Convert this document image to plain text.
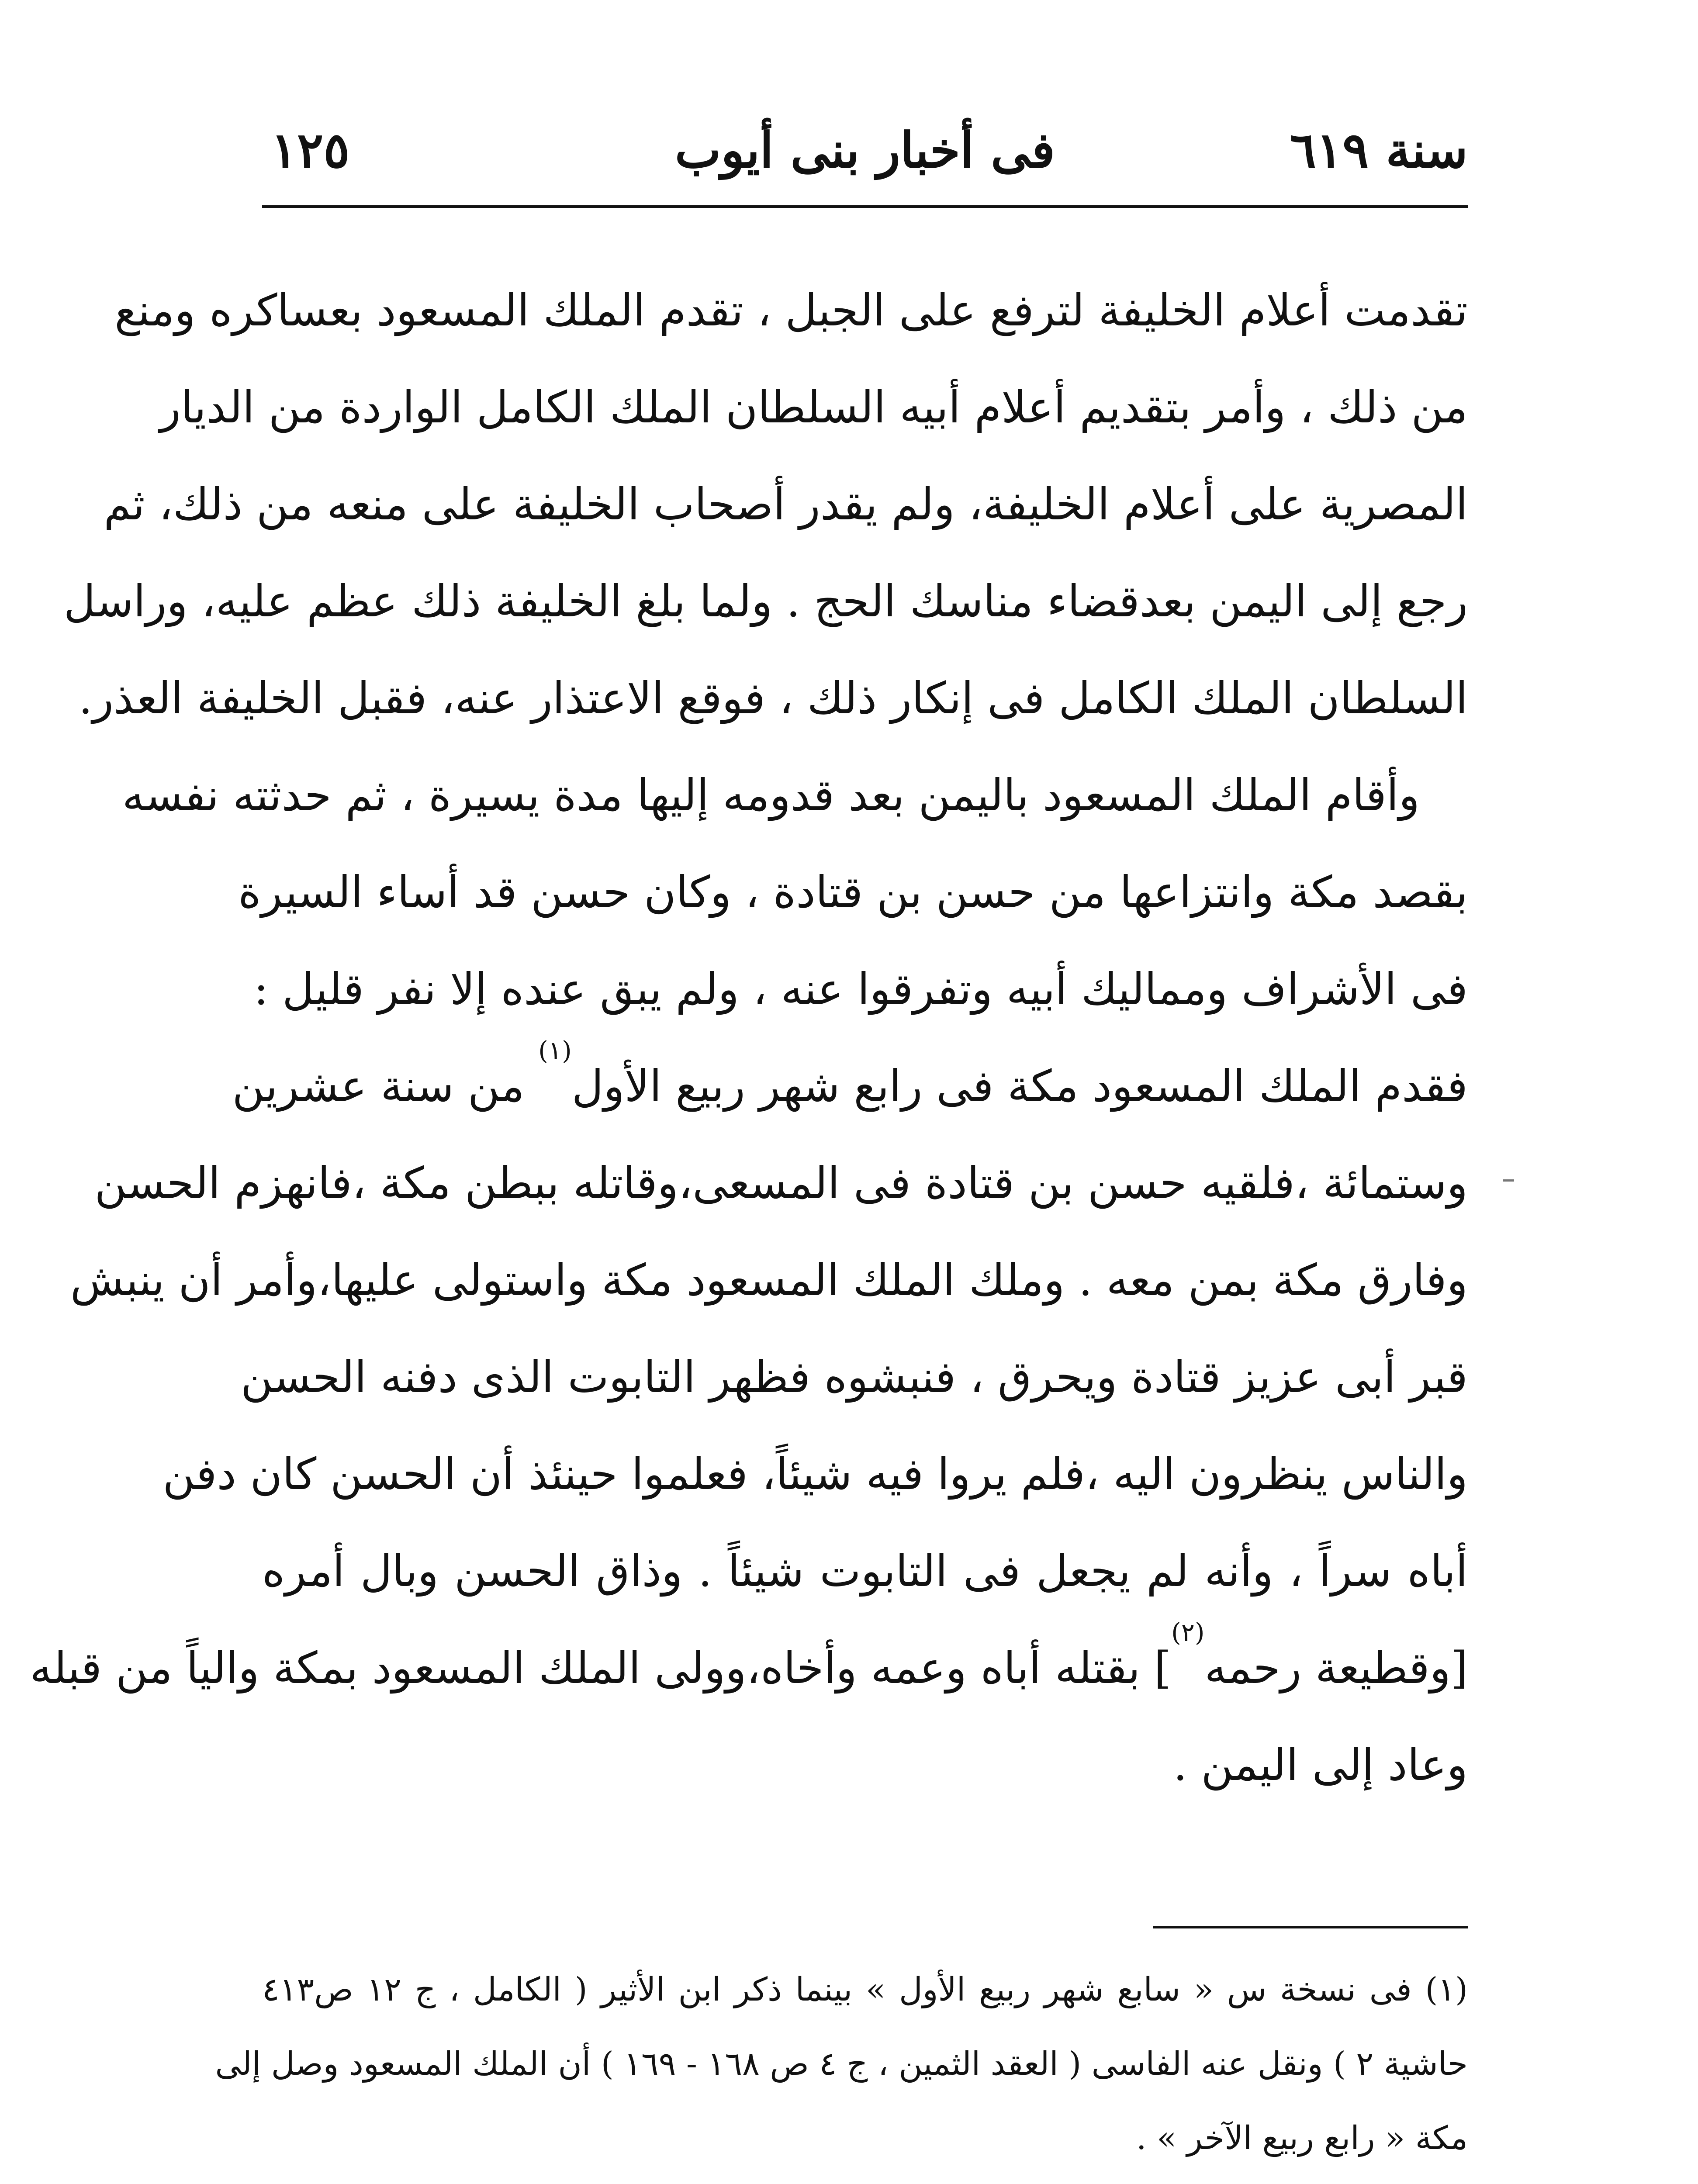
سنة ٦١٩
فى أخبار بنى أيوب
١٢٥
تقدمت أعلام الخليفة لترفع على الجبل ، تقدم الملك المسعود بعساكره ومنع
من ذلك ، وأمر بتقديم أعلام أبيه السلطان الملك الكامل الواردة من الديار
المصرية على أعلام الخليفة، ولم يقدر أصحاب الخليفة على منعه من ذلك، ثم
رجع إلى اليمن بعدقضاء مناسك الحج . ولما بلغ الخليفة ذلك عظم عليه، وراسل
السلطان الملك الكامل فى إنكار ذلك ، فوقع الاعتذار عنه، فقبل الخليفة العذر.
وأقام الملك المسعود باليمن بعد قدومه إليها مدة يسيرة ، ثم حدثته نفسه
بقصد مكة وانتزاعها من حسن بن قتادة ، وكان حسن قد أساء السيرة
فى الأشراف ومماليك أبيه وتفرقوا عنه ، ولم يبق عنده إلا نفر قليل :
فقدم الملك المسعود مكة فى رابع شهر ربيع الأول$^{(١)}$ من سنة عشرين
وستمائة ،فلقيه حسن بن قتادة فى المسعى،وقاتله ببطن مكة ،فانهزم الحسن
وفارق مكة بمن معه . وملك الملك المسعود مكة واستولى عليها،وأمر أن ينبش
قبر أبى عزيز قتادة ويحرق ، فنبشوه فظهر التابوت الذى دفنه الحسن
والناس ينظرون اليه ،فلم يروا فيه شيئاً، فعلموا حينئذ أن الحسن كان دفن
أباه سراً ، وأنه لم يجعل فى التابوت شيئاً . وذاق الحسن وبال أمره
[وقطيعة رحمه$^{(٢)}$] بقتله أباه وعمه وأخاه،وولى الملك المسعود بمكة والياً من قبله
وعاد إلى اليمن .
(١) فى نسخة س « سابع شهر ربيع الأول » بينما ذكر ابن الأثير ( الكامل ، ج ١٢ ص٤١٣
حاشية ٢ ) ونقل عنه الفاسى ( العقد الثمين ، ج ٤ ص ١٦٨ - ١٦٩ ) أن الملك المسعود وصل إلى
مكة « رابع ربيع الآخر » .
